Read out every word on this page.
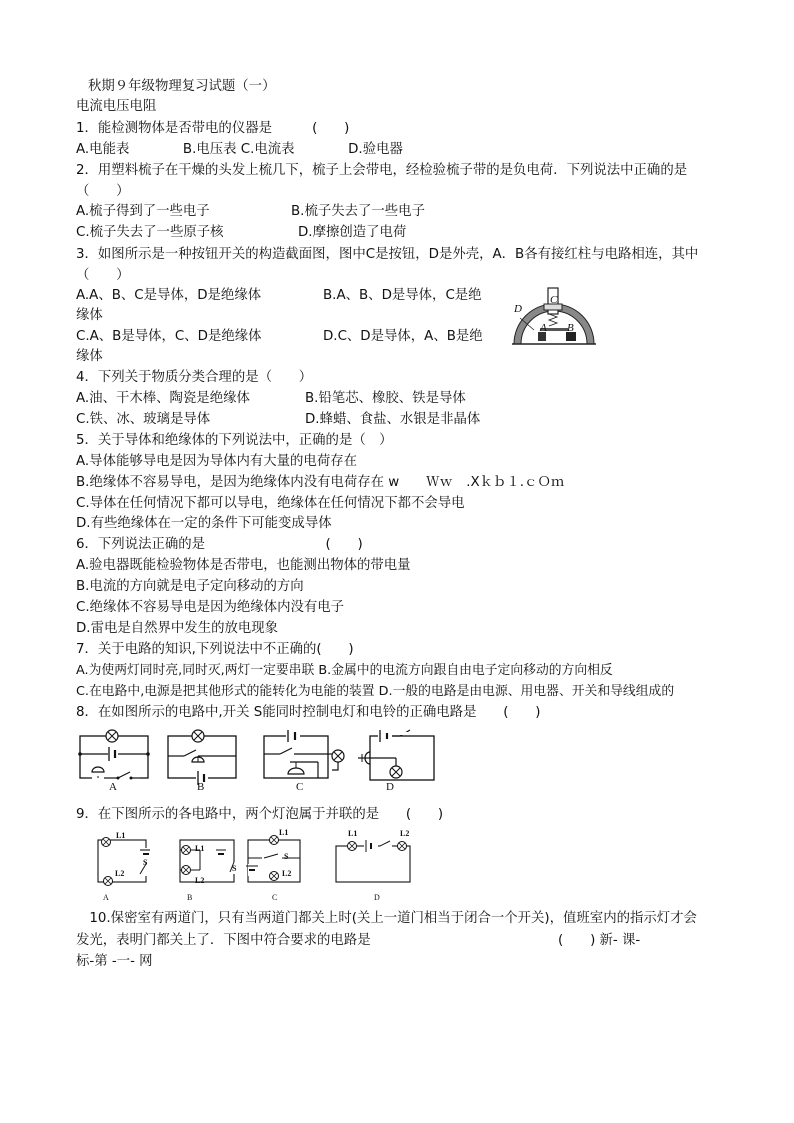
秋期９年级物理复习试题（一）
电流电压电阻
1．能检测物体是否带电的仪器是　　　(　　)
A.电能表　　　　B.电压表 C.电流表　　　　D.验电器
2．用塑料梳子在干燥的头发上梳几下，梳子上会带电，经检验梳子带的是负电荷．下列说法中正确的是（　　）
A.梳子得到了一些电子	B.梳子失去了一些电子
C.梳子失去了一些原子核	D.摩擦创造了电荷
3．如图所示是一种按钮开关的构造截面图，图中C是按钮，D是外壳，A．B各有接红柱与电路相连，其中（　　）
A.A、B、C是导体，D是绝缘体	B.A、B、D是导体，C是绝
缘体
C.A、B是导体，C、D是绝缘体	D.C、D是导体，A、B是绝
缘体
C
D
A B
4．下列关于物质分类合理的是（　　）
A.油、干木棒、陶瓷是绝缘体	B.铅笔芯、橡胶、铁是导体
C.铁、冰、玻璃是导体	D.蜂蜡、食盐、水银是非晶体
5．关于导体和绝缘体的下列说法中，正确的是（　）
A.导体能够导电是因为导体内有大量的电荷存在
B.绝缘体不容易导电，是因为绝缘体内没有电荷存在 w　　Ｗｗ　.Xｋｂ１.ｃＯｍ
C.导体在任何情况下都可以导电，绝缘体在任何情况下都不会导电
D.有些绝缘体在一定的条件下可能变成导体
6．下列说法正确的是　　　　　　　　　(　　)
A.验电器既能检验物体是否带电，也能测出物体的带电量
B.电流的方向就是电子定向移动的方向
C.绝缘体不容易导电是因为绝缘体内没有电子
D.雷电是自然界中发生的放电现象
7．关于电路的知识,下列说法中不正确的(　　)
A.为使两灯同时亮,同时灭,两灯一定要串联 B.金属中的电流方向跟自由电子定向移动的方向相反
C.在电路中,电源是把其他形式的能转化为电能的装置 D.一般的电路是由电源、用电器、开关和导线组成的
8．在如图所示的电路中,开关 S能同时控制电灯和电铃的正确电路是　　(　　)
A	B	C	D
9．在下图所示的各电路中，两个灯泡属于并联的是　　(　　)
L1
L2
S
A
L1
L2
S
B
L1
S
L2
C
L1	L2
D
　10.保密室有两道门，只有当两道门都关上时(关上一道门相当于闭合一个开关)，值班室内的指示灯才会
发光，表明门都关上了．下图中符合要求的电路是　　　　　　　　　　　　　　(　　) 新- 课-
标-第 -一- 网
